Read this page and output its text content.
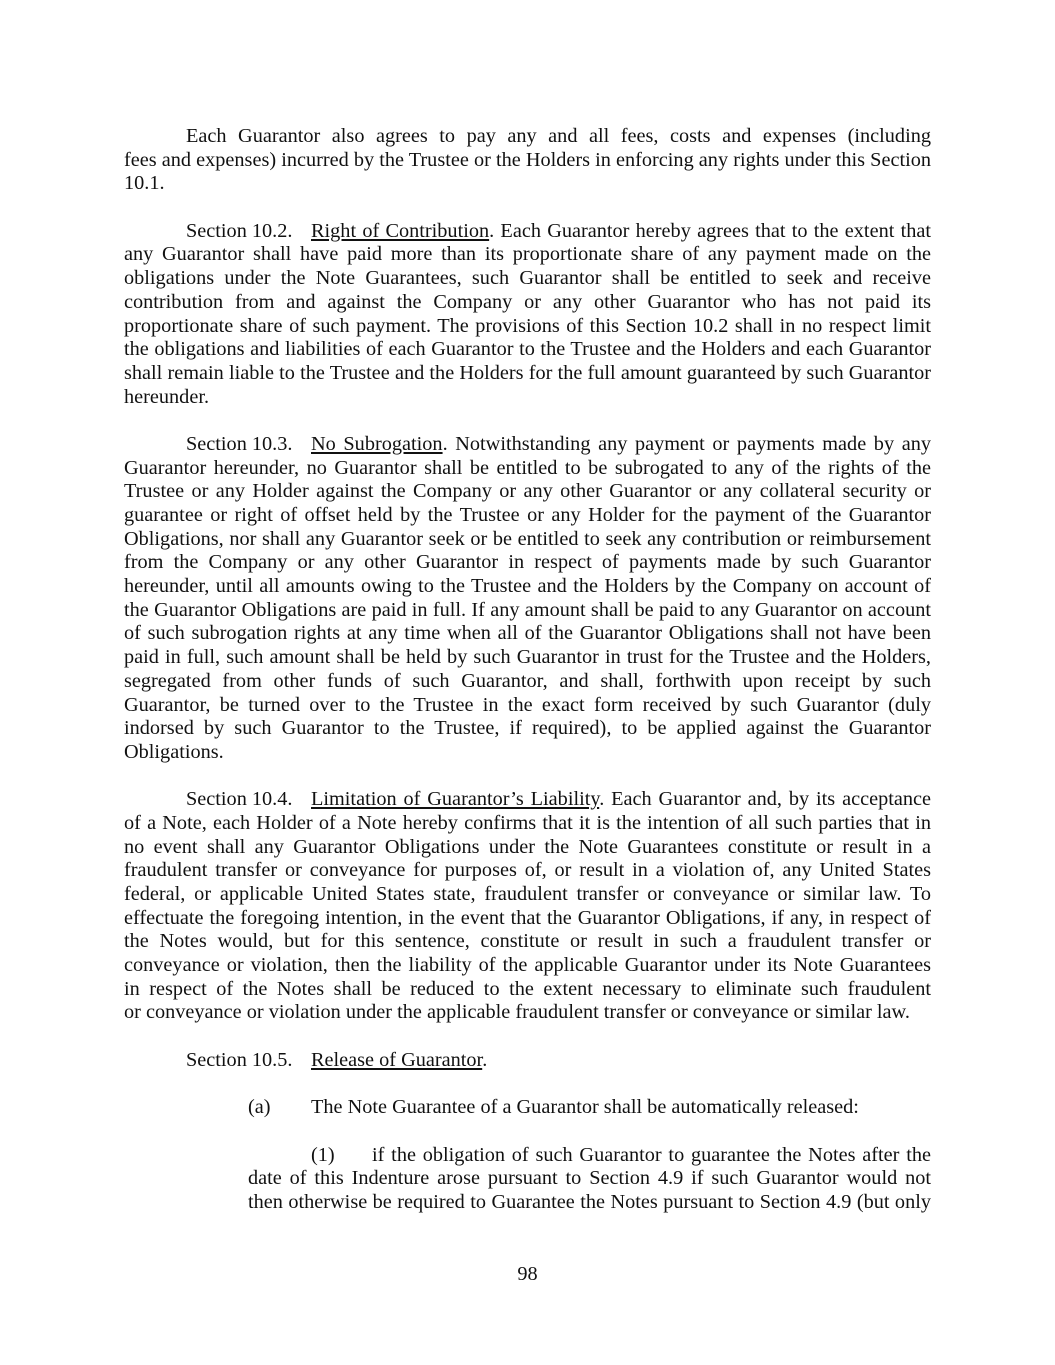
Each Guarantor also agrees to pay any and all fees, costs and expenses (including
fees and expenses) incurred by the Trustee or the Holders in enforcing any rights under this Section
10.1.
Section 10.2. Right of Contribution. Each Guarantor hereby agrees that to the extent that
any Guarantor shall have paid more than its proportionate share of any payment made on the
obligations under the Note Guarantees, such Guarantor shall be entitled to seek and receive
contribution from and against the Company or any other Guarantor who has not paid its
proportionate share of such payment. The provisions of this Section 10.2 shall in no respect limit
the obligations and liabilities of each Guarantor to the Trustee and the Holders and each Guarantor
shall remain liable to the Trustee and the Holders for the full amount guaranteed by such Guarantor
hereunder.
Section 10.3. No Subrogation. Notwithstanding any payment or payments made by any
Guarantor hereunder, no Guarantor shall be entitled to be subrogated to any of the rights of the
Trustee or any Holder against the Company or any other Guarantor or any collateral security or
guarantee or right of offset held by the Trustee or any Holder for the payment of the Guarantor
Obligations, nor shall any Guarantor seek or be entitled to seek any contribution or reimbursement
from the Company or any other Guarantor in respect of payments made by such Guarantor
hereunder, until all amounts owing to the Trustee and the Holders by the Company on account of
the Guarantor Obligations are paid in full. If any amount shall be paid to any Guarantor on account
of such subrogation rights at any time when all of the Guarantor Obligations shall not have been
paid in full, such amount shall be held by such Guarantor in trust for the Trustee and the Holders,
segregated from other funds of such Guarantor, and shall, forthwith upon receipt by such
Guarantor, be turned over to the Trustee in the exact form received by such Guarantor (duly
indorsed by such Guarantor to the Trustee, if required), to be applied against the Guarantor
Obligations.
Section 10.4. Limitation of Guarantor’s Liability. Each Guarantor and, by its acceptance
of a Note, each Holder of a Note hereby confirms that it is the intention of all such parties that in
no event shall any Guarantor Obligations under the Note Guarantees constitute or result in a
fraudulent transfer or conveyance for purposes of, or result in a violation of, any United States
federal, or applicable United States state, fraudulent transfer or conveyance or similar law. To
effectuate the foregoing intention, in the event that the Guarantor Obligations, if any, in respect of
the Notes would, but for this sentence, constitute or result in such a fraudulent transfer or
conveyance or violation, then the liability of the applicable Guarantor under its Note Guarantees
in respect of the Notes shall be reduced to the extent necessary to eliminate such fraudulent
or conveyance or violation under the applicable fraudulent transfer or conveyance or similar law.
Section 10.5. Release of Guarantor.
(a) The Note Guarantee of a Guarantor shall be automatically released:
(1) if the obligation of such Guarantor to guarantee the Notes after the
date of this Indenture arose pursuant to Section 4.9 if such Guarantor would not
then otherwise be required to Guarantee the Notes pursuant to Section 4.9 (but only
98
